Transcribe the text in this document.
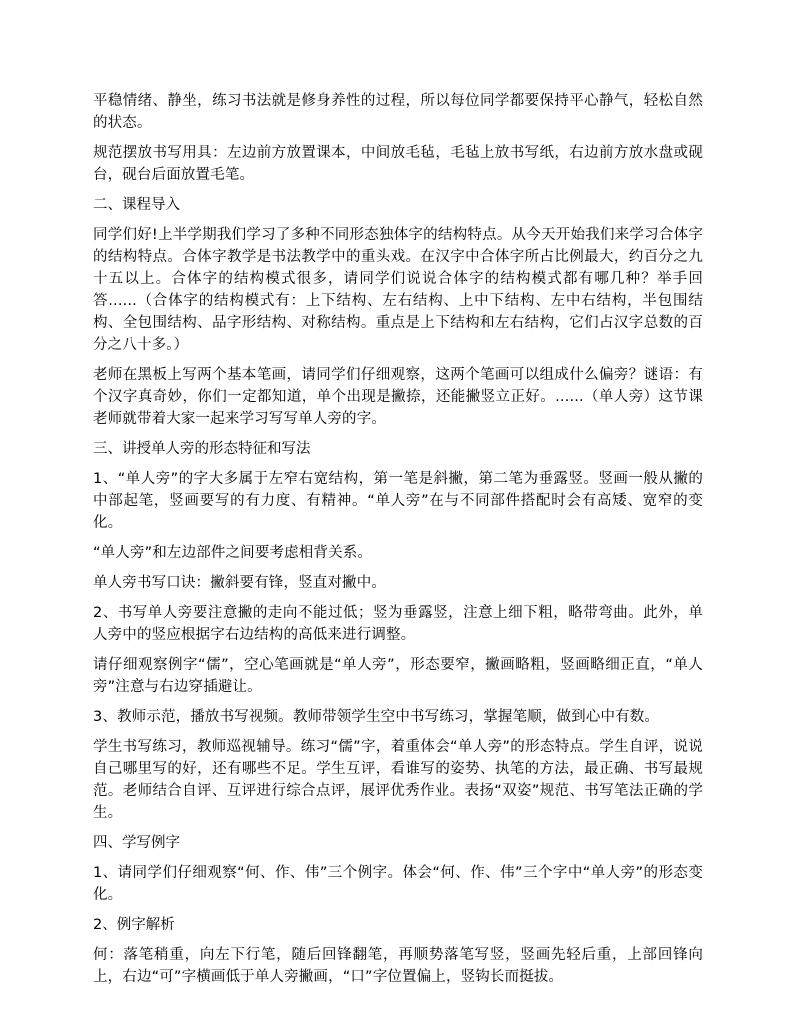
平稳情绪、静坐，练习书法就是修身养性的过程，所以每位同学都要保持平心静气，轻松自然的状态。

规范摆放书写用具：左边前方放置课本，中间放毛毡，毛毡上放书写纸，右边前方放水盘或砚台，砚台后面放置毛笔。

二、课程导入

同学们好!上半学期我们学习了多种不同形态独体字的结构特点。从今天开始我们来学习合体字的结构特点。合体字教学是书法教学中的重头戏。在汉字中合体字所占比例最大，约百分之九十五以上。合体字的结构模式很多，请同学们说说合体字的结构模式都有哪几种？举手回答......（合体字的结构模式有：上下结构、左右结构、上中下结构、左中右结构，半包围结构、全包围结构、品字形结构、对称结构。重点是上下结构和左右结构，它们占汉字总数的百分之八十多。）

老师在黑板上写两个基本笔画，请同学们仔细观察，这两个笔画可以组成什么偏旁？谜语：有个汉字真奇妙，你们一定都知道，单个出现是撇捺，还能撇竖立正好。......（单人旁）这节课老师就带着大家一起来学习写写单人旁的字。

三、讲授单人旁的形态特征和写法

1、“单人旁”的字大多属于左窄右宽结构，第一笔是斜撇，第二笔为垂露竖。竖画一般从撇的中部起笔，竖画要写的有力度、有精神。“单人旁”在与不同部件搭配时会有高矮、宽窄的变化。

“单人旁”和左边部件之间要考虑相背关系。

单人旁书写口诀：撇斜要有锋，竖直对撇中。

2、书写单人旁要注意撇的走向不能过低；竖为垂露竖，注意上细下粗，略带弯曲。此外，单人旁中的竖应根据字右边结构的高低来进行调整。

请仔细观察例字“儒”，空心笔画就是“单人旁”，形态要窄，撇画略粗，竖画略细正直，“单人旁”注意与右边穿插避让。

3、教师示范，播放书写视频。教师带领学生空中书写练习，掌握笔顺，做到心中有数。

学生书写练习，教师巡视辅导。练习“儒”字，着重体会“单人旁”的形态特点。学生自评，说说自己哪里写的好，还有哪些不足。学生互评，看谁写的姿势、执笔的方法，最正确、书写最规范。老师结合自评、互评进行综合点评，展评优秀作业。表扬“双姿”规范、书写笔法正确的学生。

四、学写例字

1、请同学们仔细观察“何、作、伟”三个例字。体会“何、作、伟”三个字中“单人旁”的形态变化。

2、例字解析

何：落笔稍重，向左下行笔，随后回锋翻笔，再顺势落笔写竖，竖画先轻后重，上部回锋向上，右边“可”字横画低于单人旁撇画，“口”字位置偏上，竖钩长而挺拔。
